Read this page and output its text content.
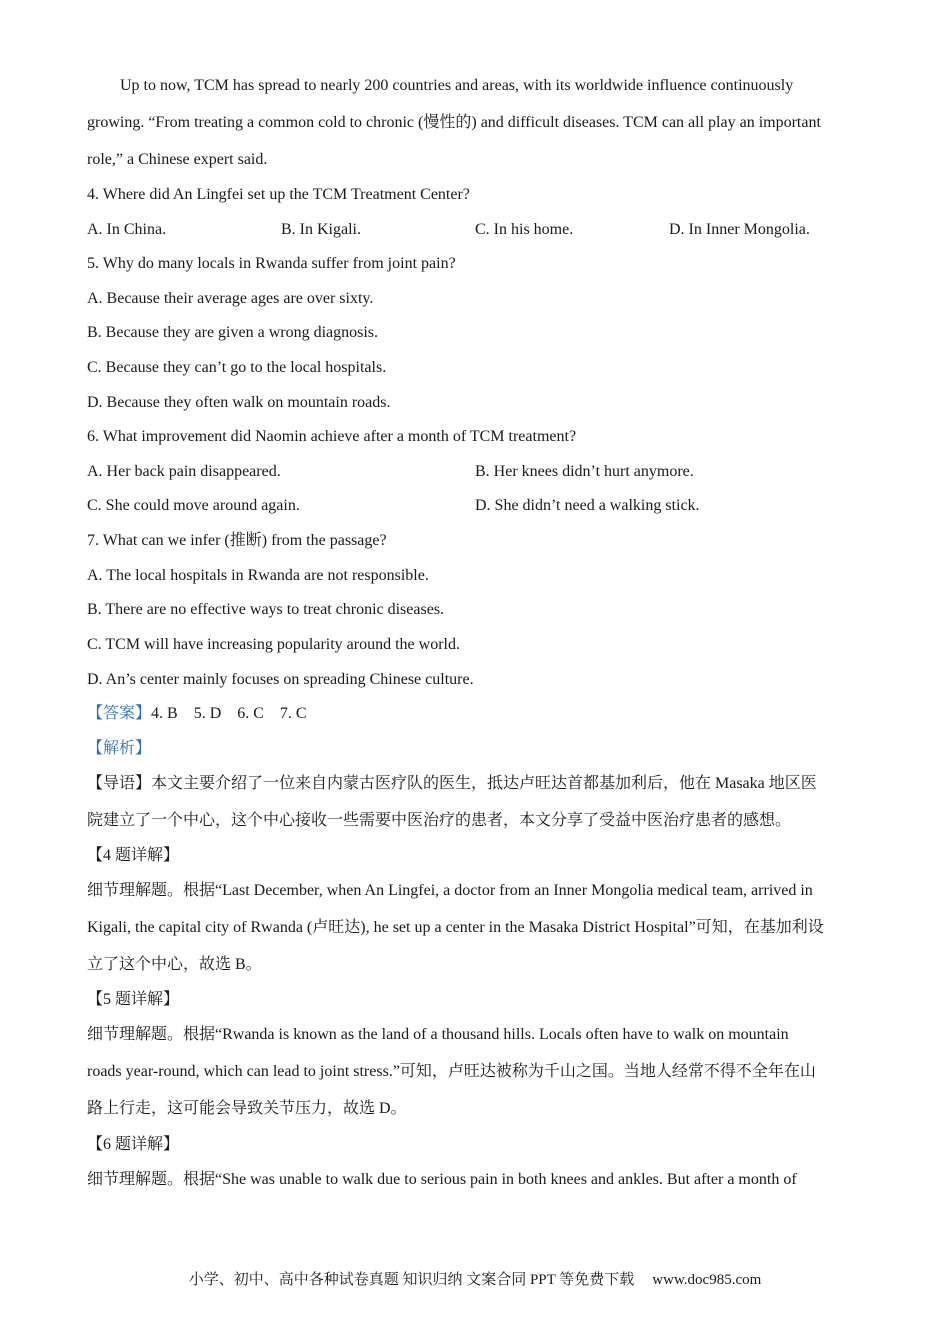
Up to now, TCM has spread to nearly 200 countries and areas, with its worldwide influence continuously
growing. “From treating a common cold to chronic (慢性的) and difficult diseases. TCM can all play an important
role,” a Chinese expert said.
4. Where did An Lingfei set up the TCM Treatment Center?
A. In China.	B. In Kigali.	C. In his home.	D. In Inner Mongolia.
5. Why do many locals in Rwanda suffer from joint pain?
A. Because their average ages are over sixty.
B. Because they are given a wrong diagnosis.
C. Because they can’t go to the local hospitals.
D. Because they often walk on mountain roads.
6. What improvement did Naomin achieve after a month of TCM treatment?
A. Her back pain disappeared.	B. Her knees didn’t hurt anymore.
C. She could move around again.	D. She didn’t need a walking stick.
7. What can we infer (推断) from the passage?
A. The local hospitals in Rwanda are not responsible.
B. There are no effective ways to treat chronic diseases.
C. TCM will have increasing popularity around the world.
D. An’s center mainly focuses on spreading Chinese culture.
【答案】4. B    5. D    6. C    7. C
【解析】
【导语】本文主要介绍了一位来自内蒙古医疗队的医生，抵达卢旺达首都基加利后，他在 Masaka 地区医
院建立了一个中心，这个中心接收一些需要中医治疗的患者，本文分享了受益中医治疗患者的感想。
【4 题详解】
细节理解题。根据“Last December, when An Lingfei, a doctor from an Inner Mongolia medical team, arrived in
Kigali, the capital city of Rwanda (卢旺达), he set up a center in the Masaka District Hospital”可知，在基加利设
立了这个中心，故选 B。
【5 题详解】
细节理解题。根据“Rwanda is known as the land of a thousand hills. Locals often have to walk on mountain
roads year-round, which can lead to joint stress.”可知，卢旺达被称为千山之国。当地人经常不得不全年在山
路上行走，这可能会导致关节压力，故选 D。
【6 题详解】
细节理解题。根据“She was unable to walk due to serious pain in both knees and ankles. But after a month of
小学、初中、高中各种试卷真题 知识归纳 文案合同 PPT 等免费下载 www.doc985.com
